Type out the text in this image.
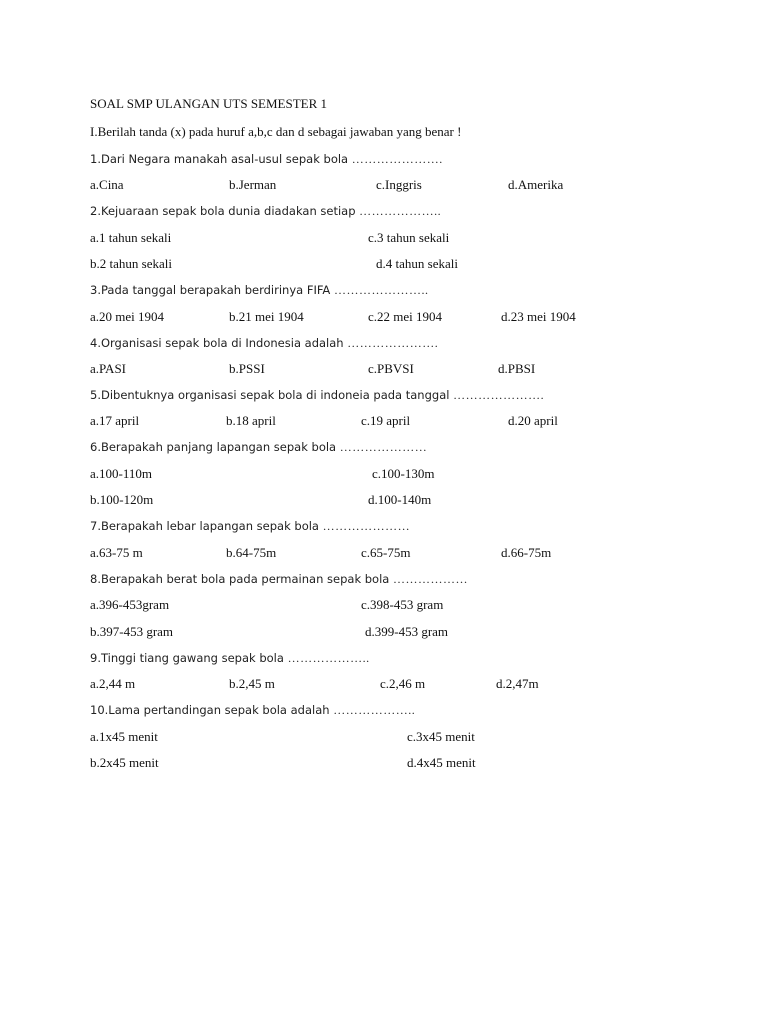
SOAL SMP ULANGAN UTS SEMESTER 1
I.Berilah tanda (x) pada huruf a,b,c dan d sebagai jawaban yang benar !
1.Dari Negara manakah asal-usul sepak bola ………………….
a.Cina	b.Jerman	c.Inggris	d.Amerika
2.Kejuaraan sepak bola dunia diadakan setiap ………………..
a.1 tahun sekali	c.3 tahun sekali
b.2 tahun sekali	d.4 tahun sekali
3.Pada tanggal berapakah berdirinya FIFA …………………..
a.20 mei 1904	b.21 mei 1904	c.22 mei 1904	d.23 mei 1904
4.Organisasi sepak bola di Indonesia adalah ………………….
a.PASI	b.PSSI	c.PBVSI	d.PBSI
5.Dibentuknya organisasi sepak bola di indoneia pada tanggal ………………….
a.17 april	b.18 april	c.19 april	d.20 april
6.Berapakah panjang lapangan sepak bola …………………
a.100-110m	c.100-130m
b.100-120m	d.100-140m
7.Berapakah lebar lapangan sepak bola …………………
a.63-75 m	b.64-75m	c.65-75m	d.66-75m
8.Berapakah berat bola pada permainan sepak bola ………………
a.396-453gram	c.398-453 gram
b.397-453 gram	d.399-453 gram
9.Tinggi tiang gawang sepak bola ………………..
a.2,44 m	b.2,45 m	c.2,46 m	d.2,47m
10.Lama pertandingan sepak bola adalah ………………..
a.1x45 menit	c.3x45 menit
b.2x45 menit	d.4x45 menit
